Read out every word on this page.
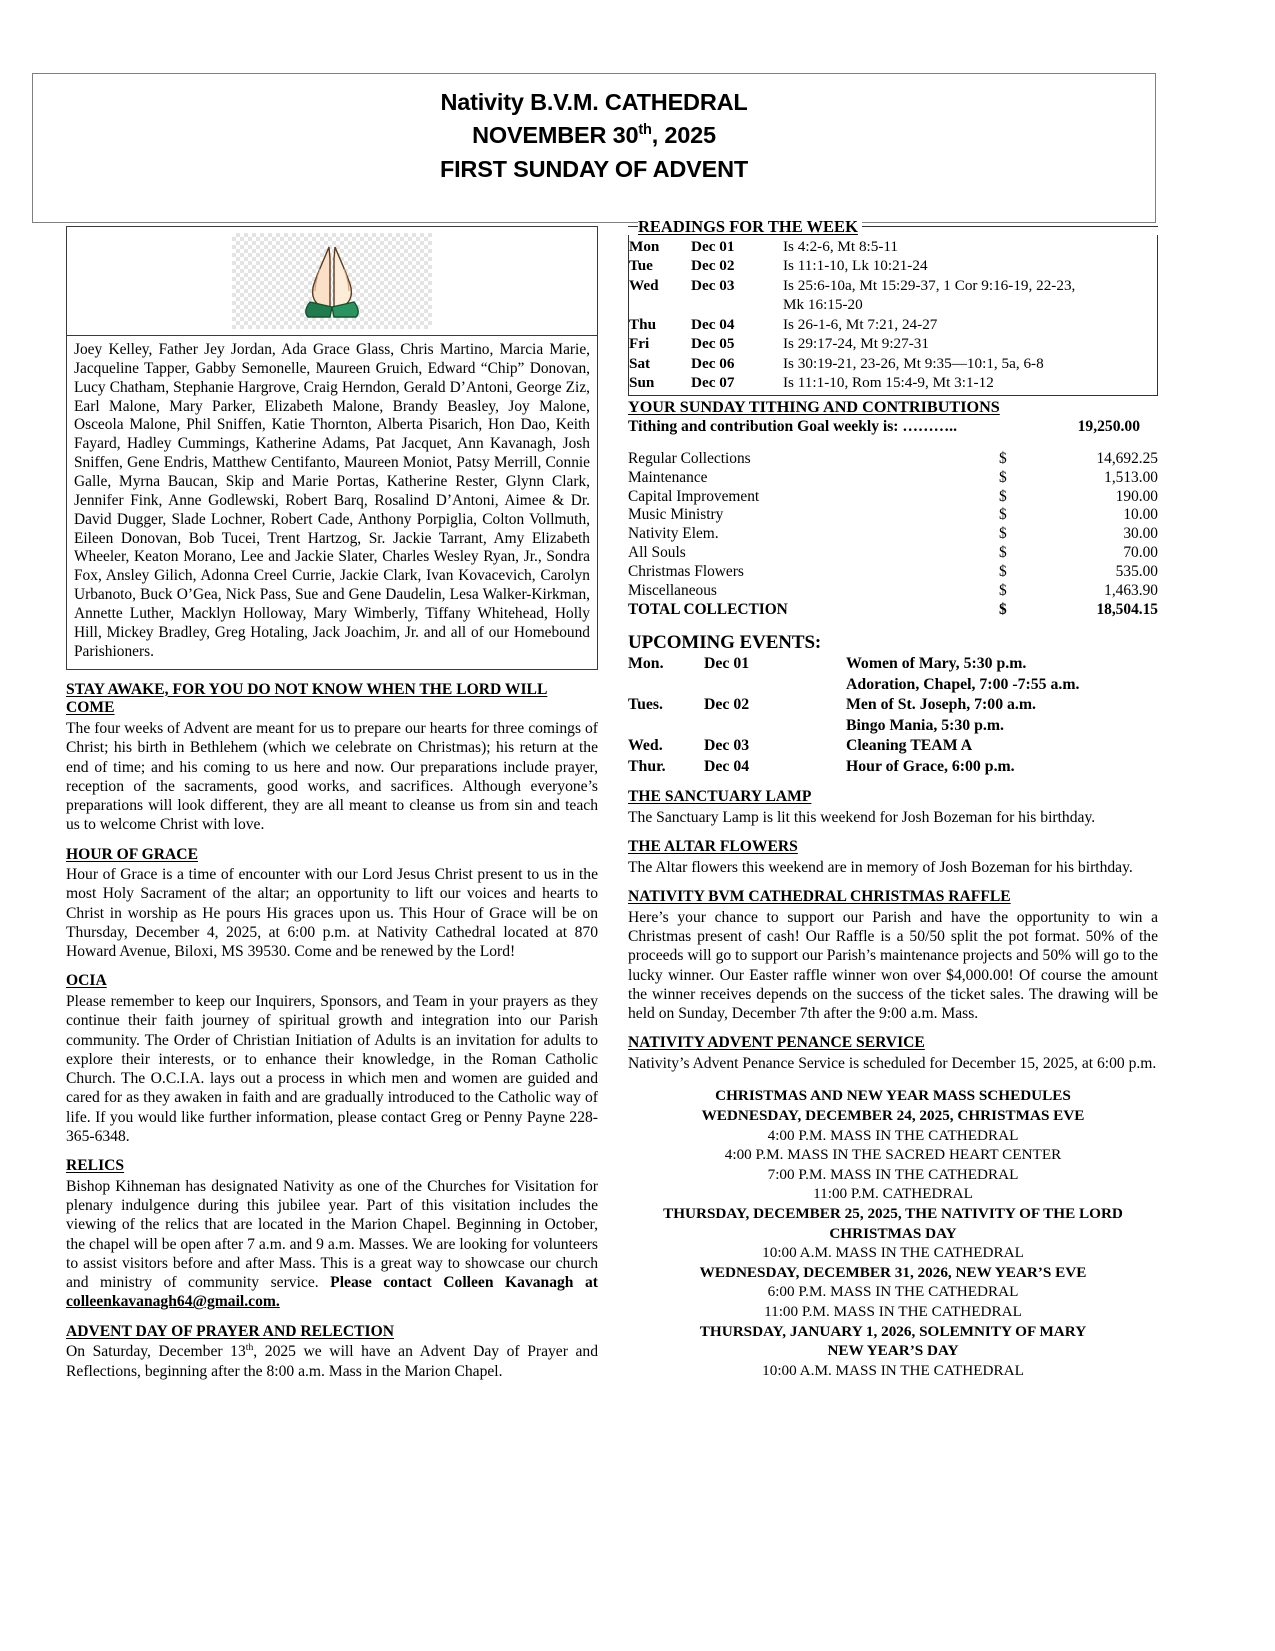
Nativity B.V.M. CATHEDRAL
NOVEMBER 30th, 2025
FIRST SUNDAY OF ADVENT
Joey Kelley, Father Jey Jordan, Ada Grace Glass, Chris Martino, Marcia Marie, Jacqueline Tapper, Gabby Semonelle, Maureen Gruich, Edward “Chip” Donovan, Lucy Chatham, Stephanie Hargrove, Craig Herndon, Gerald D’Antoni, George Ziz, Earl Malone, Mary Parker, Elizabeth Malone, Brandy Beasley, Joy Malone, Osceola Malone, Phil Sniffen, Katie Thornton, Alberta Pisarich, Hon Dao, Keith Fayard, Hadley Cummings, Katherine Adams, Pat Jacquet, Ann Kavanagh, Josh Sniffen, Gene Endris, Matthew Centifanto, Maureen Moniot, Patsy Merrill, Connie Galle, Myrna Baucan, Skip and Marie Portas, Katherine Rester, Glynn Clark, Jennifer Fink, Anne Godlewski, Robert Barq, Rosalind D’Antoni, Aimee & Dr. David Dugger, Slade Lochner, Robert Cade, Anthony Porpiglia, Colton Vollmuth, Eileen Donovan, Bob Tucei, Trent Hartzog, Sr. Jackie Tarrant, Amy Elizabeth Wheeler, Keaton Morano, Lee and Jackie Slater, Charles Wesley Ryan, Jr., Sondra Fox, Ansley Gilich, Adonna Creel Currie, Jackie Clark, Ivan Kovacevich, Carolyn Urbanoto, Buck O’Gea, Nick Pass, Sue and Gene Daudelin, Lesa Walker-Kirkman, Annette Luther, Macklyn Holloway, Mary Wimberly, Tiffany Whitehead, Holly Hill, Mickey Bradley, Greg Hotaling, Jack Joachim, Jr. and all of our Homebound Parishioners.
STAY AWAKE, FOR YOU DO NOT KNOW WHEN THE LORD WILL COME
The four weeks of Advent are meant for us to prepare our hearts for three comings of Christ; his birth in Bethlehem (which we celebrate on Christmas); his return at the end of time; and his coming to us here and now. Our preparations include prayer, reception of the sacraments, good works, and sacrifices. Although everyone’s preparations will look different, they are all meant to cleanse us from sin and teach us to welcome Christ with love.
HOUR OF GRACE
Hour of Grace is a time of encounter with our Lord Jesus Christ present to us in the most Holy Sacrament of the altar; an opportunity to lift our voices and hearts to Christ in worship as He pours His graces upon us. This Hour of Grace will be on Thursday, December 4, 2025, at 6:00 p.m. at Nativity Cathedral located at 870 Howard Avenue, Biloxi, MS 39530. Come and be renewed by the Lord!
OCIA
Please remember to keep our Inquirers, Sponsors, and Team in your prayers as they continue their faith journey of spiritual growth and integration into our Parish community. The Order of Christian Initiation of Adults is an invitation for adults to explore their interests, or to enhance their knowledge, in the Roman Catholic Church. The O.C.I.A. lays out a process in which men and women are guided and cared for as they awaken in faith and are gradually introduced to the Catholic way of life. If you would like further information, please contact Greg or Penny Payne 228-365-6348.
RELICS
Bishop Kihneman has designated Nativity as one of the Churches for Visitation for plenary indulgence during this jubilee year. Part of this visitation includes the viewing of the relics that are located in the Marion Chapel. Beginning in October, the chapel will be open after 7 a.m. and 9 a.m. Masses. We are looking for volunteers to assist visitors before and after Mass. This is a great way to showcase our church and ministry of community service. Please contact Colleen Kavanagh at colleenkavanagh64@gmail.com.
ADVENT DAY OF PRAYER AND RELECTION
On Saturday, December 13th, 2025 we will have an Advent Day of Prayer and Reflections, beginning after the 8:00 a.m. Mass in the Marion Chapel.
READINGS FOR THE WEEK
Mon	Dec 01	Is 4:2-6, Mt 8:5-11
Tue	Dec 02	Is 11:1-10, Lk 10:21-24
Wed	Dec 03	Is 25:6-10a, Mt 15:29-37, 1 Cor 9:16-19, 22-23,
		Mk 16:15-20
Thu	Dec 04	Is 26-1-6, Mt 7:21, 24-27
Fri	Dec 05	Is 29:17-24, Mt 9:27-31
Sat	Dec 06	Is 30:19-21, 23-26, Mt 9:35—10:1, 5a, 6-8
Sun	Dec 07	Is 11:1-10, Rom 15:4-9, Mt 3:1-12
YOUR SUNDAY TITHING AND CONTRIBUTIONS
Tithing and contribution Goal weekly is: ………..	19,250.00
Regular Collections	$	14,692.25
Maintenance	$	1,513.00
Capital Improvement	$	190.00
Music Ministry	$	10.00
Nativity Elem.	$	30.00
All Souls	$	70.00
Christmas Flowers	$	535.00
Miscellaneous	$	1,463.90
TOTAL COLLECTION	$	18,504.15
UPCOMING EVENTS:
Mon.	Dec 01	Women of Mary, 5:30 p.m.
		Adoration, Chapel, 7:00 -7:55 a.m.
Tues.	Dec 02	Men of St. Joseph, 7:00 a.m.
		Bingo Mania, 5:30 p.m.
Wed.	Dec 03	Cleaning TEAM A
Thur.	Dec 04	Hour of Grace, 6:00 p.m.
THE SANCTUARY LAMP
The Sanctuary Lamp is lit this weekend for Josh Bozeman for his birthday.
THE ALTAR FLOWERS
The Altar flowers this weekend are in memory of Josh Bozeman for his birthday.
NATIVITY BVM CATHEDRAL CHRISTMAS RAFFLE
Here’s your chance to support our Parish and have the opportunity to win a Christmas present of cash! Our Raffle is a 50/50 split the pot format. 50% of the proceeds will go to support our Parish’s maintenance projects and 50% will go to the lucky winner. Our Easter raffle winner won over $4,000.00! Of course the amount the winner receives depends on the success of the ticket sales. The drawing will be held on Sunday, December 7th after the 9:00 a.m. Mass.
NATIVITY ADVENT PENANCE SERVICE
Nativity’s Advent Penance Service is scheduled for December 15, 2025, at 6:00 p.m.
CHRISTMAS AND NEW YEAR MASS SCHEDULES
WEDNESDAY, DECEMBER 24, 2025, CHRISTMAS EVE
4:00 P.M. MASS IN THE CATHEDRAL
4:00 P.M. MASS IN THE SACRED HEART CENTER
7:00 P.M. MASS IN THE CATHEDRAL
11:00 P.M. CATHEDRAL
THURSDAY, DECEMBER 25, 2025, THE NATIVITY OF THE LORD
CHRISTMAS DAY
10:00 A.M. MASS IN THE CATHEDRAL
WEDNESDAY, DECEMBER 31, 2026, NEW YEAR’S EVE
6:00 P.M. MASS IN THE CATHEDRAL
11:00 P.M. MASS IN THE CATHEDRAL
THURSDAY, JANUARY 1, 2026, SOLEMNITY OF MARY
NEW YEAR’S DAY
10:00 A.M. MASS IN THE CATHEDRAL
